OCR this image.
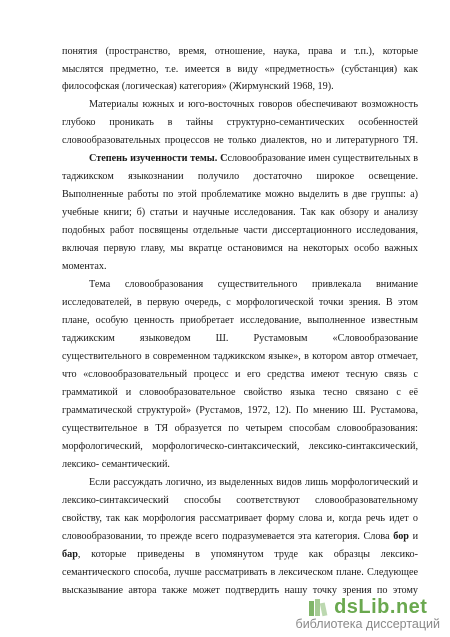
понятия (пространство, время, отношение, наука, права и т.п.), которые
мыслятся предметно, т.е. имеется в виду «предметность» (субстанция) как
философская (логическая) категория» (Жирмунский 1968, 19).
Материалы южных и юго-восточных говоров обеспечивают возможность
глубоко проникать в тайны структурно-семантических особенностей
словообразовательных процессов не только диалектов, но и литературного ТЯ.
Степень изученности темы. Ссловообразование имен существительных в
таджикском языкознании получило достаточно широкое освещение.
Выполненные работы по этой проблематике можно выделить в две группы: а)
учебные книги; б) статьи и научные исследования. Так как обзору и анализу
подобных работ посвящены отдельные части диссертационного исследования,
включая первую главу, мы вкратце остановимся на некоторых особо важных
моментах.
Тема словообразования существительного привлекала внимание
исследователей, в первую очередь, с морфологической точки зрения. В этом
плане, особую ценность приобретает исследование, выполненное известным
таджикским языковедом Ш. Рустамовым «Словообразование
существительного в современном таджикском языке», в котором автор отмечает,
что «словообразовательный процесс и его средства имеют тесную связь с
грамматикой и словообразовательное свойство языка тесно связано с её
грамматической структурой» (Рустамов, 1972, 12). По мнению Ш. Рустамова,
существительное в ТЯ образуется по четырем способам словообразования:
морфологический, морфологическо-синтаксический, лексико-синтаксический,
лексико- семантический.
Если рассуждать логично, из выделенных видов лишь морфологический и
лексико-синтаксический способы соответствуют словообразовательному
свойству, так как морфология рассматривает форму слова и, когда речь идет о
словообразовании, то прежде всего подразумевается эта категория. Слова бор и
бар, которые приведены в упомянутом труде как образцы лексико-
семантического способа, лучше рассматривать в лексическом плане. Следующее
высказывание автора также может подтвердить нашу точку зрения по этому
dsLib.net
библиотека диссертаций
